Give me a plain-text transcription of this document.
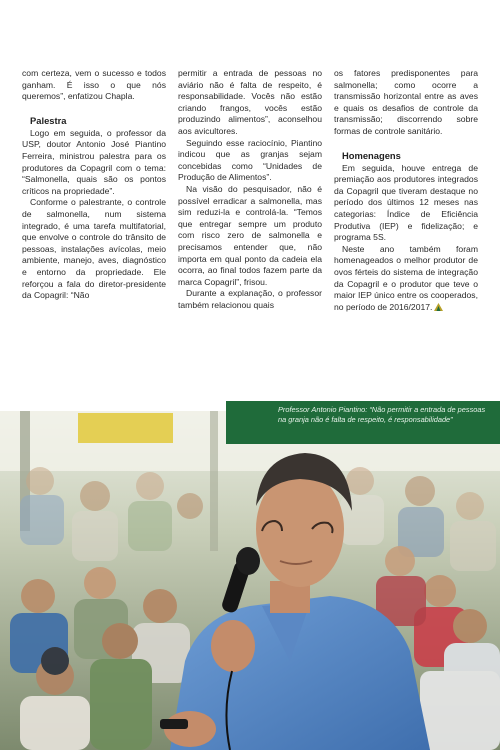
com certeza, vem o sucesso e todos ganham. É isso o que nós queremos”, enfatizou Chapla.

Palestra

Logo em seguida, o professor da USP, doutor Antonio José Piantino Ferreira, ministrou palestra para os produtores da Copagril com o tema: “Salmonella, quais são os pontos críticos na propriedade”.

Conforme o palestrante, o controle de salmonella, num sistema integrado, é uma tarefa multifatorial, que envolve o controle do trânsito de pessoas, instalações avícolas, meio ambiente, manejo, aves, diagnóstico e entorno da propriedade. Ele reforçou a fala do diretor-presidente da Copagril: “Não

permitir a entrada de pessoas no aviário não é falta de respeito, é responsabilidade. Vocês não estão criando frangos, vocês estão produzindo alimentos”, aconselhou aos avicultores.

Seguindo esse raciocínio, Piantino indicou que as granjas sejam concebidas como “Unidades de Produção de Alimentos”.

Na visão do pesquisador, não é possível erradicar a salmonella, mas sim reduzi-la e controlá-la. “Temos que entregar sempre um produto com risco zero de salmonella e precisamos entender que, não importa em qual ponto da cadeia ela ocorra, ao final todos fazem parte da marca Copagril”, frisou.

Durante a explanação, o professor também relacionou quais

os fatores predisponentes para salmonella; como ocorre a transmissão horizontal entre as aves e quais os desafios de controle da transmissão; discorrendo sobre formas de controle sanitário.

Homenagens

Em seguida, houve entrega de premiação aos produtores integrados da Copagril que tiveram destaque no período dos últimos 12 meses nas categorias: Índice de Eficiência Produtiva (IEP) e fidelização; e programa 5S.

Neste ano também foram homenageados o melhor produtor de ovos férteis do sistema de integração da Copagril e o produtor que teve o maior IEP único entre os cooperados, no período de 2016/2017.

Professor Antonio Piantino: “Não permitir a entrada de pessoas na granja não é falta de respeito, é responsabilidade”
